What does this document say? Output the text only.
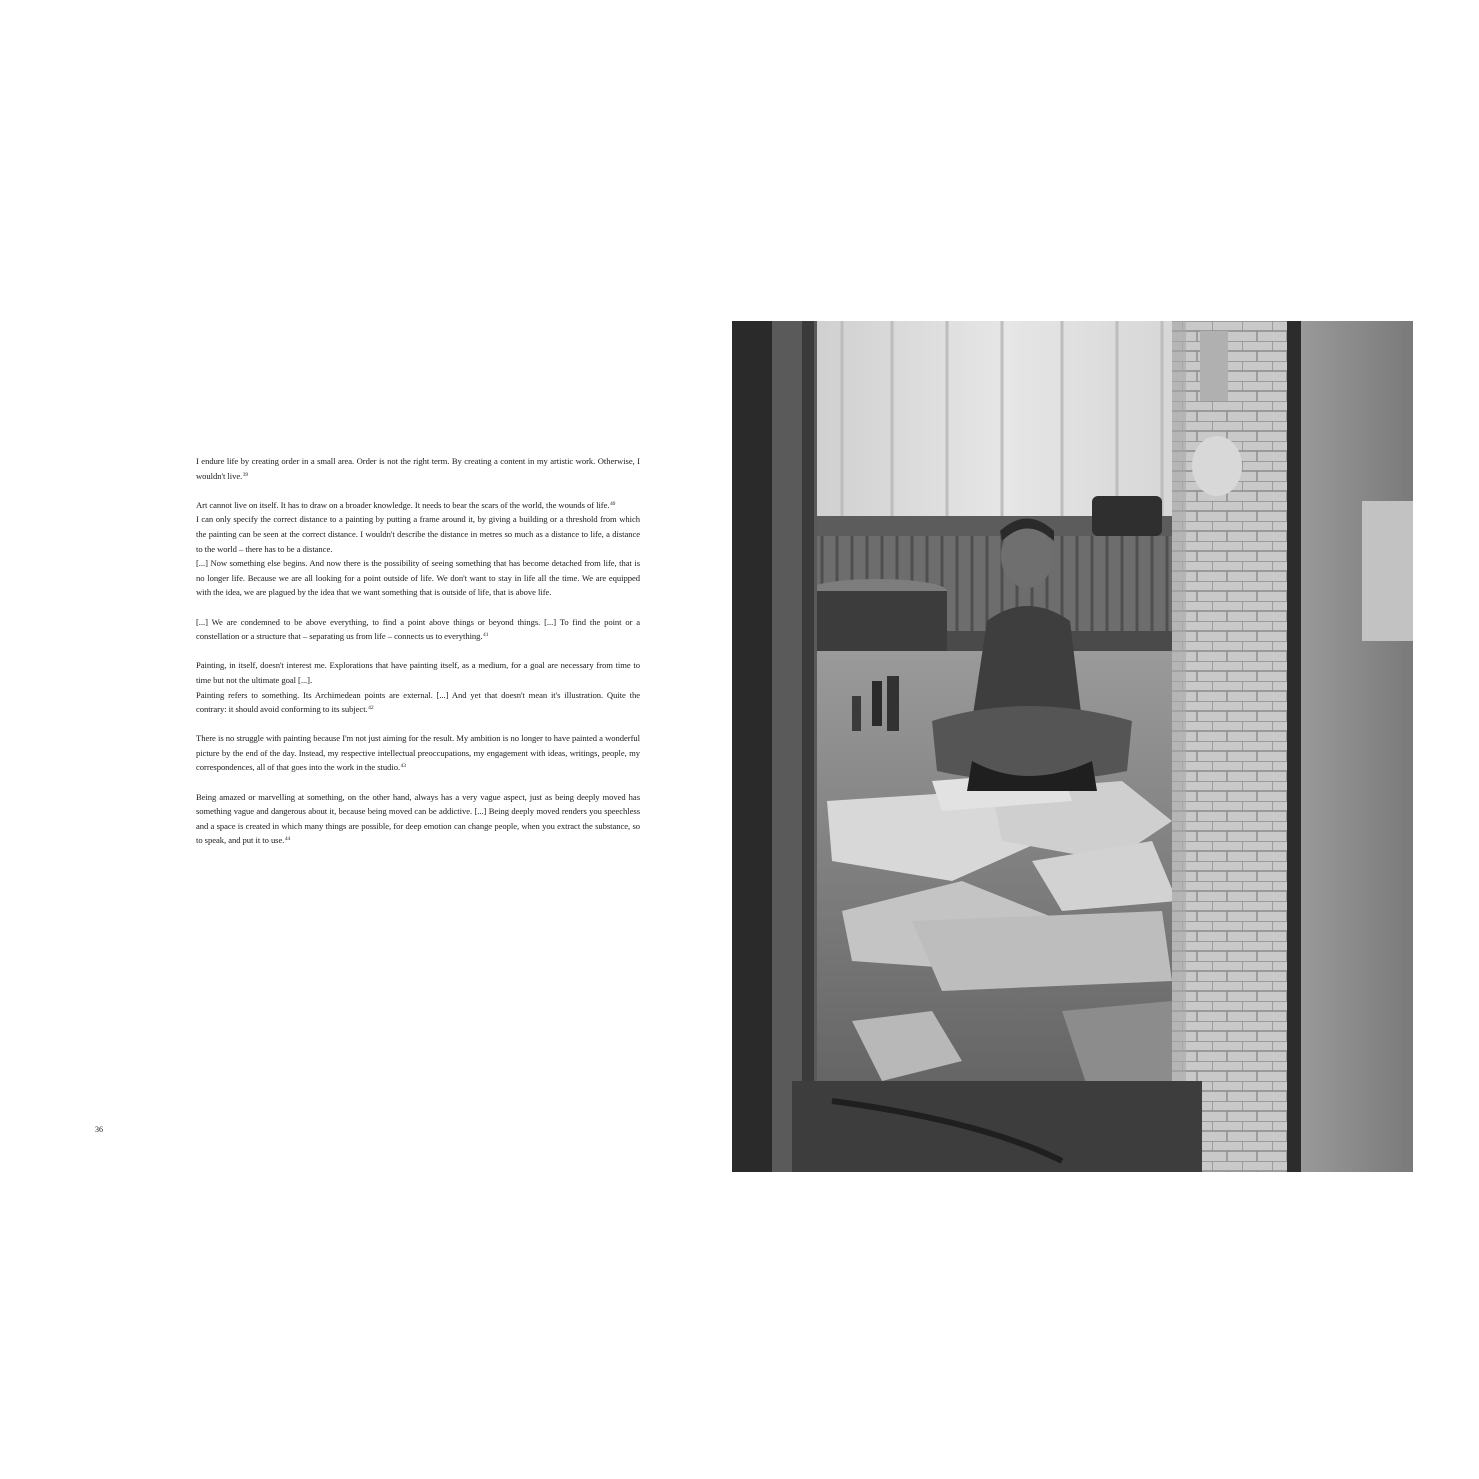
I endure life by creating order in a small area. Order is not the right term. By creating a content in my artistic work. Otherwise, I wouldn't live.$^{39}$

Art cannot live on itself. It has to draw on a broader knowledge. It needs to bear the scars of the world, the wounds of life.$^{40}$

I can only specify the correct distance to a painting by putting a frame around it, by giving a building or a threshold from which the painting can be seen at the correct distance. I wouldn't describe the distance in metres so much as a distance to life, a distance to the world – there has to be a distance.

[...] Now something else begins. And now there is the possibility of seeing something that has become detached from life, that is no longer life. Because we are all looking for a point outside of life. We don't want to stay in life all the time. We are equipped with the idea, we are plagued by the idea that we want something that is outside of life, that is above life.

[...] We are condemned to be above everything, to find a point above things or beyond things. [...] To find the point or a constellation or a structure that – separating us from life – connects us to everything.$^{41}$

Painting, in itself, doesn't interest me. Explorations that have painting itself, as a medium, for a goal are necessary from time to time but not the ultimate goal [...].

Painting refers to something. Its Archimedean points are external. [...] And yet that doesn't mean it's illustration. Quite the contrary: it should avoid conforming to its subject.$^{42}$

There is no struggle with painting because I'm not just aiming for the result. My ambition is no longer to have painted a wonderful picture by the end of the day. Instead, my respective intellectual preoccupations, my engagement with ideas, writings, people, my correspondences, all of that goes into the work in the studio.$^{43}$

Being amazed or marvelling at something, on the other hand, always has a very vague aspect, just as being deeply moved has something vague and dangerous about it, because being moved can be addictive. [...] Being deeply moved renders you speechless and a space is created in which many things are possible, for deep emotion can change people, when you extract the substance, so to speak, and put it to use.$^{44}$

36
